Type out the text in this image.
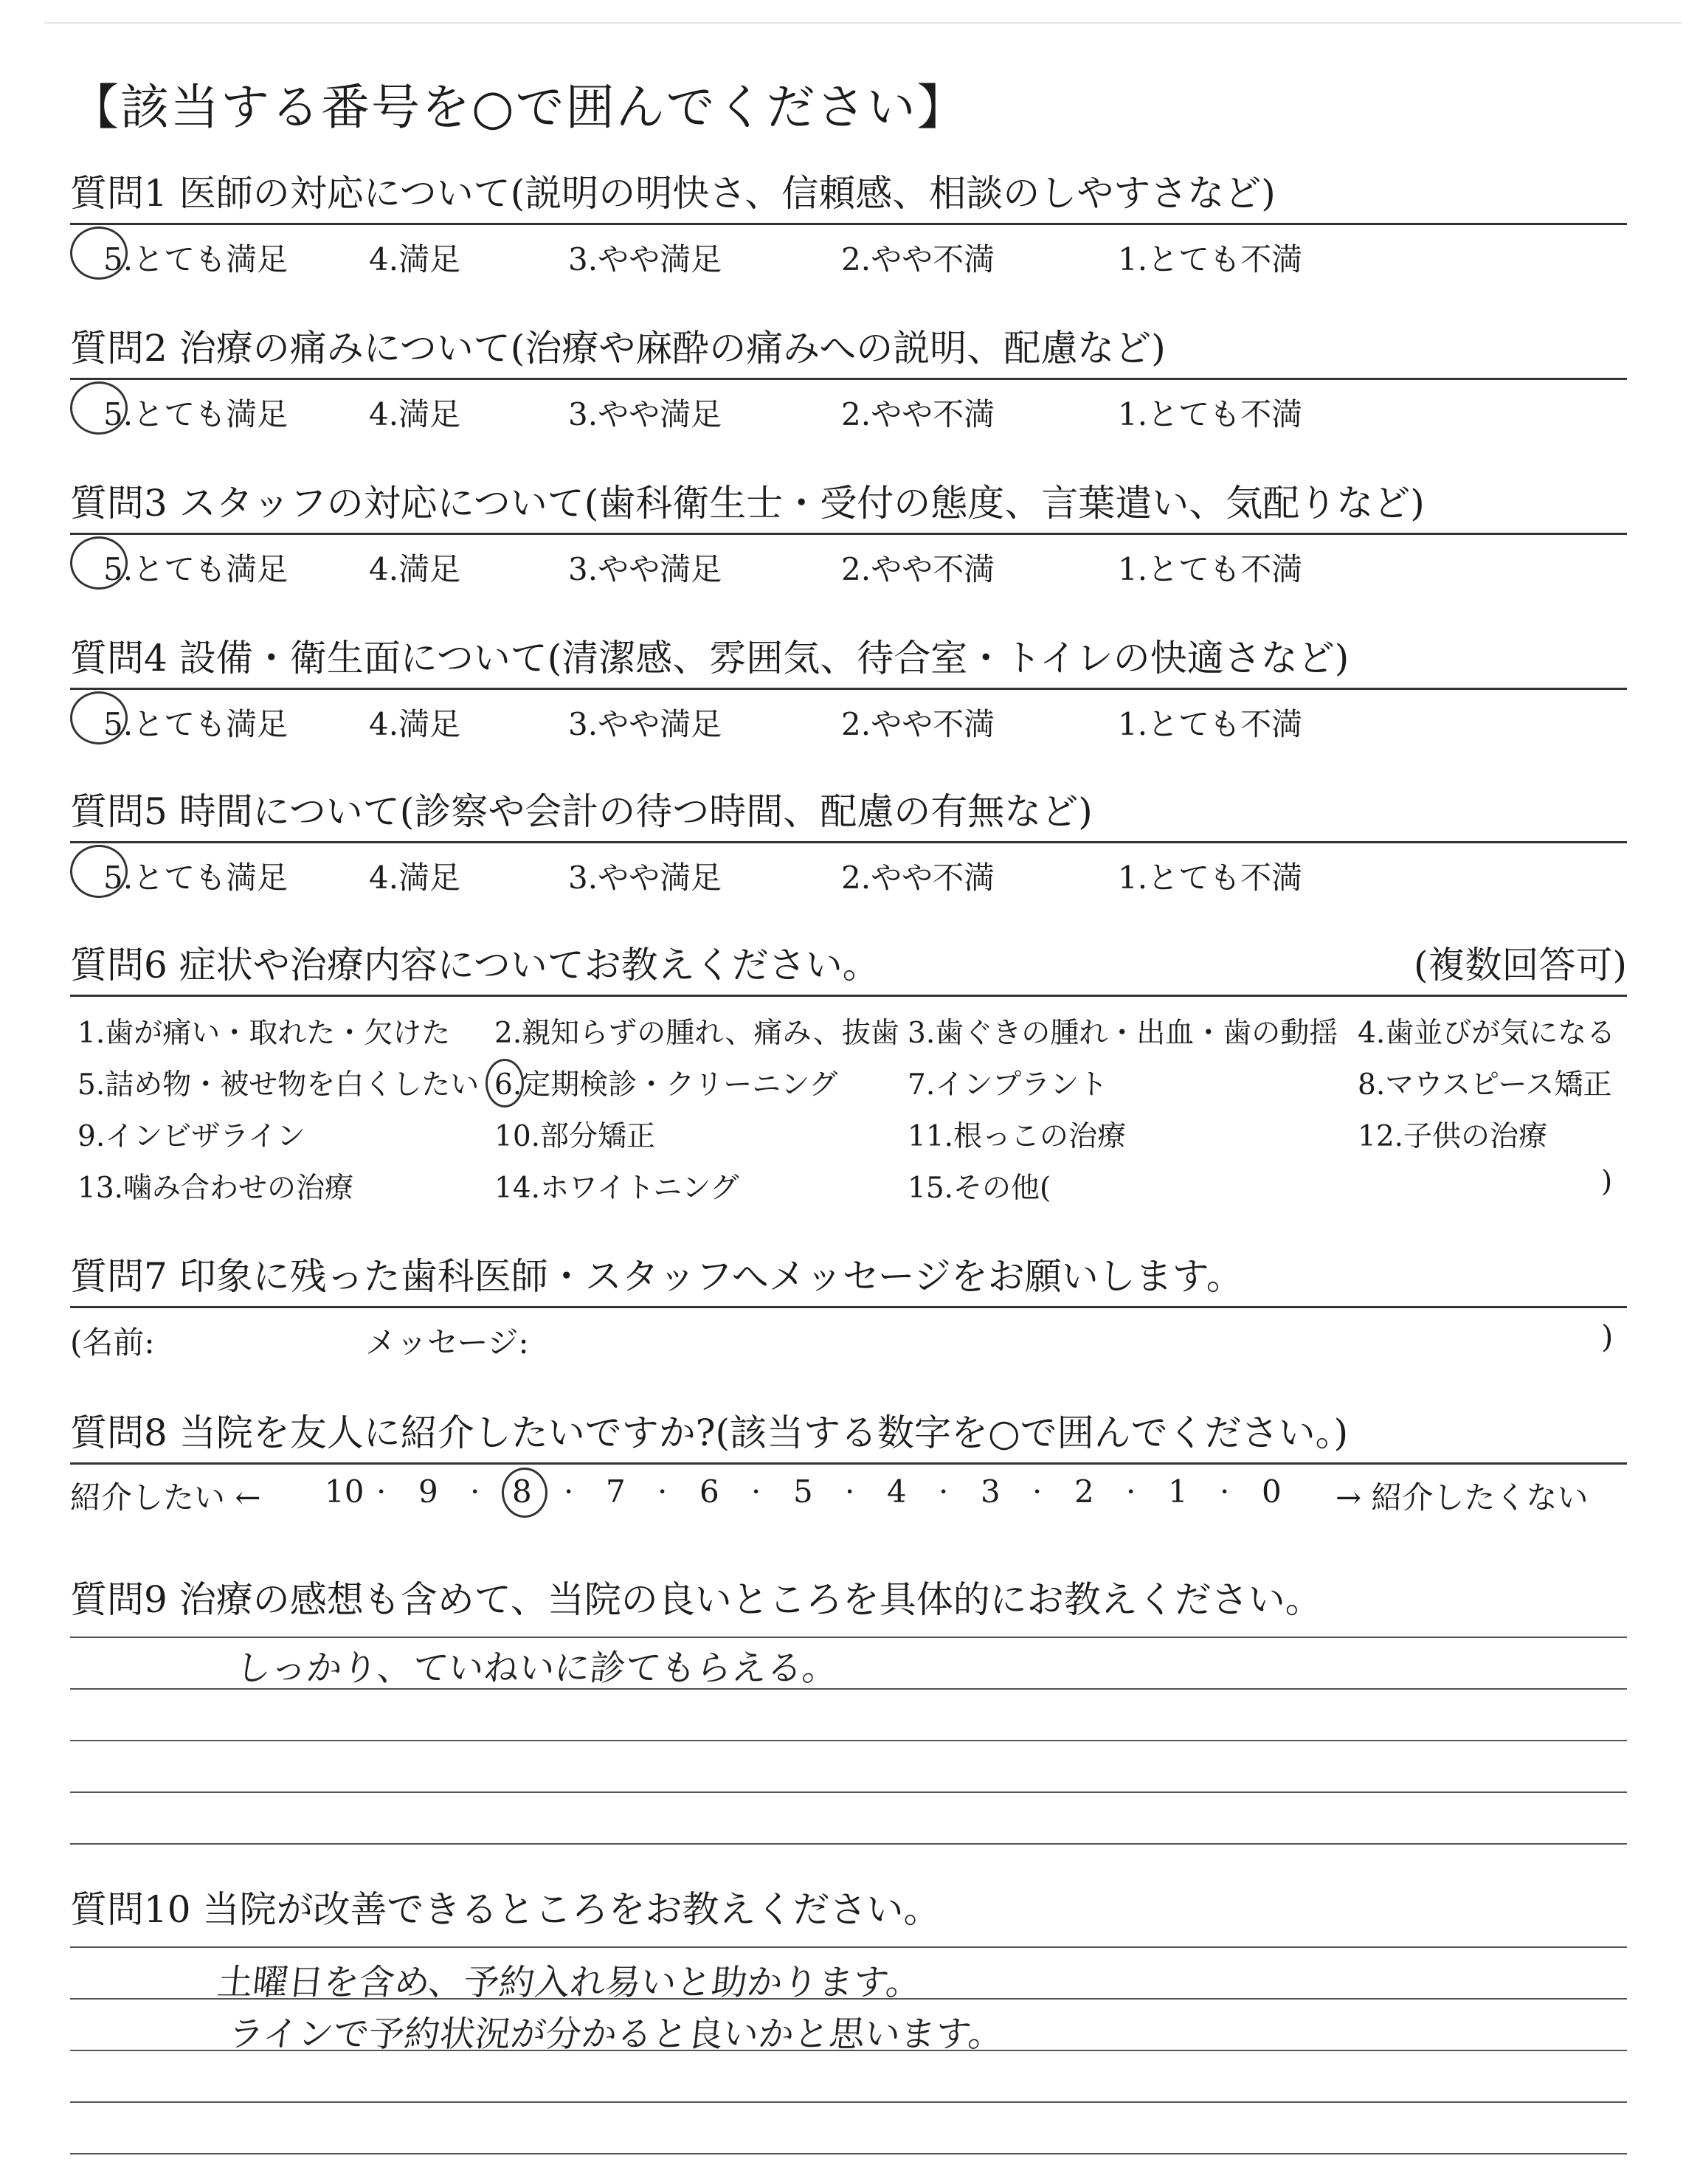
【該当する番号を○で囲んでください】
質問1 医師の対応について(説明の明快さ、信頼感、相談のしやすさなど)
5.とても満足	4.満足	3.やや満足	2.やや不満	1.とても不満
質問2 治療の痛みについて(治療や麻酔の痛みへの説明、配慮など)
5.とても満足	4.満足	3.やや満足	2.やや不満	1.とても不満
質問3 スタッフの対応について(歯科衛生士・受付の態度、言葉遣い、気配りなど)
5.とても満足	4.満足	3.やや満足	2.やや不満	1.とても不満
質問4 設備・衛生面について(清潔感、雰囲気、待合室・トイレの快適さなど)
5.とても満足	4.満足	3.やや満足	2.やや不満	1.とても不満
質問5 時間について(診察や会計の待つ時間、配慮の有無など)
5.とても満足	4.満足	3.やや満足	2.やや不満	1.とても不満
質問6 症状や治療内容についてお教えください。	(複数回答可)
1.歯が痛い・取れた・欠けた 2.親知らずの腫れ、痛み、抜歯 3.歯ぐきの腫れ・出血・歯の動揺 4.歯並びが気になる
5.詰め物・被せ物を白くしたい 6.定期検診・クリーニング 7.インプラント	8.マウスピース矯正
9.インビザライン	10.部分矯正	11.根っこの治療	12.子供の治療
13.噛み合わせの治療	14.ホワイトニング	15.その他(	)
質問7 印象に残った歯科医師・スタッフへメッセージをお願いします。
(名前:	メッセージ:	)
質問8 当院を友人に紹介したいですか?(該当する数字を○で囲んでください。)
紹介したい ←	→ 紹介したくない
10 · 9 · 8 · 7 · 6 · 5 · 4 · 3 · 2 · 1 · 0
質問9 治療の感想も含めて、当院の良いところを具体的にお教えください。
しっかり、ていねいに診てもらえる。
質問10 当院が改善できるところをお教えください。
土曜日を含め、予約入れ易いと助かります。
ラインで予約状況が分かると良いかと思います。
